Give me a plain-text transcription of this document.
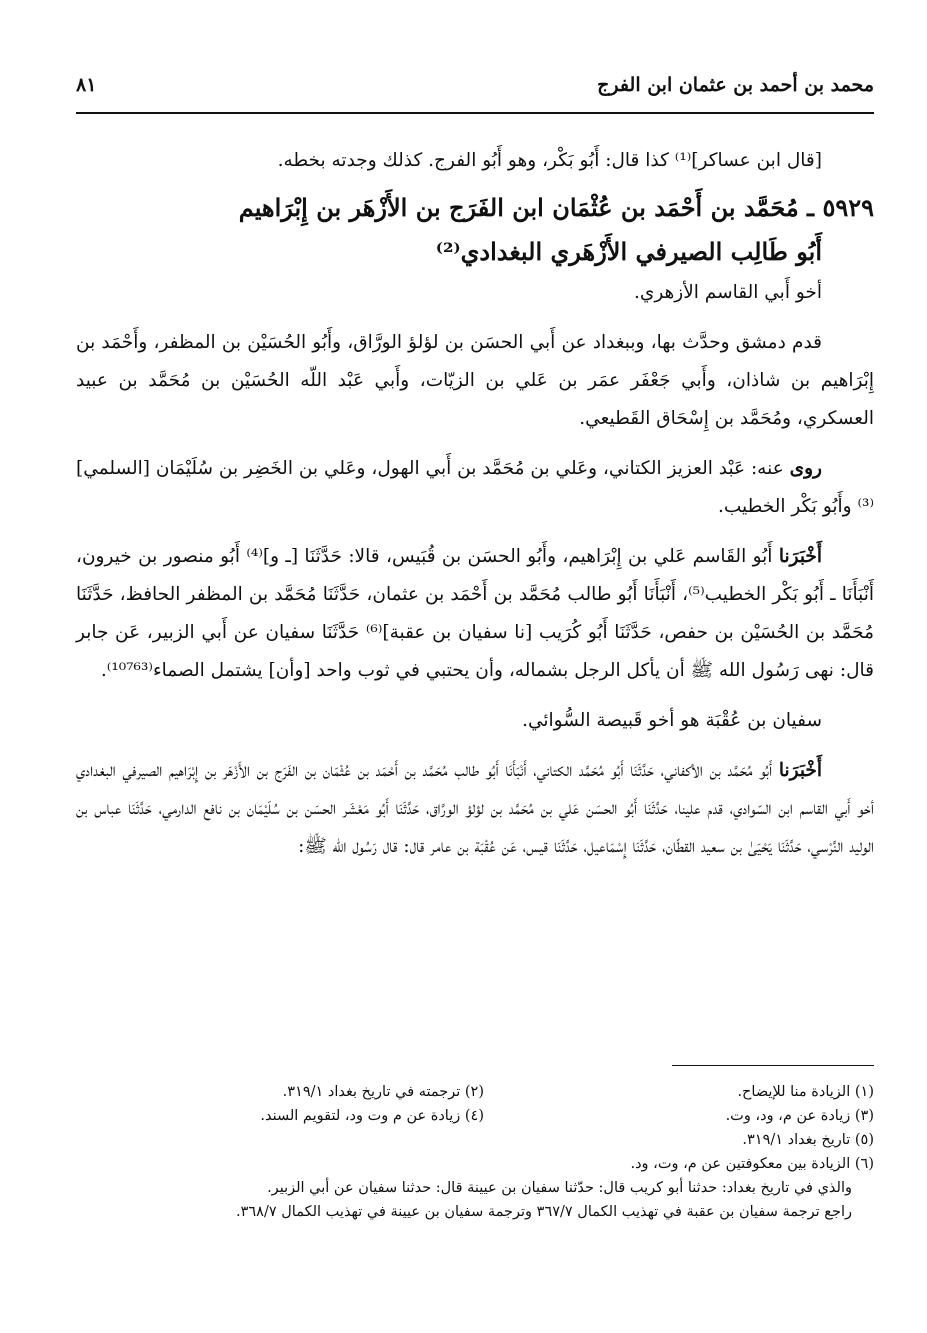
محمد بن أحمد بن عثمان ابن الفرج
٨١

[قال ابن عساكر]⁽¹⁾ كذا قال: أَبُو بَكْر، وهو أَبُو الفرج. كذلك وجدته بخطه.

٥٩٢٩ ـ مُحَمَّد بن أَحْمَد بن عُثْمَان ابن الفَرَج بن الأَزْهَر بن إِبْرَاهيم
أَبُو طَالِب الصيرفي الأَزْهَري البغدادي⁽²⁾

أخو أَبي القاسم الأزهري.

قدم دمشق وحدَّث بها، وببغداد عن أَبي الحسَن بن لؤلؤ الورَّاق، وأَبُو الحُسَيْن بن المظفر، وأَحْمَد بن إِبْرَاهيم بن شاذان، وأَبي جَعْفَر عمَر بن عَلي بن الزيّات، وأَبي عَبْد اللّه الحُسَيْن بن مُحَمَّد بن عبيد العسكري، ومُحَمَّد بن إِسْحَاق القَطيعي.

روى عنه: عَبْد العزيز الكتاني، وعَلي بن مُحَمَّد بن أَبي الهول، وعَلي بن الخَضِر بن سُلَيْمَان [السلمي]⁽³⁾ وأَبُو بَكْر الخطيب.

أَخْبَرَنا أَبُو القَاسم عَلي بن إِبْرَاهيم، وأَبُو الحسَن بن قُبَيس، قالا: حَدَّثَنَا [ـ و]⁽⁴⁾ أَبُو منصور بن خيرون، أَنْبَأَنَا ـ أَبُو بَكْر الخطيب⁽⁵⁾، أَنْبَأَنَا أَبُو طالب مُحَمَّد بن أَحْمَد بن عثمان، حَدَّثَنَا مُحَمَّد بن المظفر الحافظ، حَدَّثَنَا مُحَمَّد بن الحُسَيْن بن حفص، حَدَّثَنَا أَبُو كُرَيب [نا سفيان بن عقبة]⁽⁶⁾ حَدَّثَنَا سفيان عن أَبي الزبير، عَن جابر قال: نهى رَسُول الله ﷺ أن يأكل الرجل بشماله، وأن يحتبي في ثوب واحد [وأن] يشتمل الصماء⁽¹⁰⁷⁶³⁾.

سفيان بن عُقْبَة هو أخو قَبيصة السُّوائي.

أَخْبَرَنا أَبُو مُحَمَّد بن الأكفاني، حَدَّثَنَا أَبُو مُحَمَّد الكتاني، أَنْبَأَنَا أَبُو طالب مُحَمَّد بن أَحْمَد بن عُثْمَان بن الفَرَج بن الأَزْهَر بن إِبْرَاهيم الصيرفي البغدادي أخو أَبي القاسم ابن السّوادي، قدم علينا، حَدَّثَنَا أَبُو الحسَن عَلي بن مُحَمَّد بن لؤلؤ الورَّاق، حَدَّثَنَا أَبُو مَعْشَر الحسَن بن سُلَيْمَان بن نافع الدارمي، حَدَّثَنَا عباس بن الوليد النَّرْسي، حَدَّثَنَا يَحْيَىٰ بن سعيد القطّان، حَدَّثَنَا إِسْمَاعيل، حَدَّثَنَا قيس، عَن عُقْبَة بن عامر قال: قال رَسُول الله ﷺ:

(١) الزيادة منا للإيضاح.
(٢) ترجمته في تاريخ بغداد ٣١٩/١.
(٣) زيادة عن م، ود، وت.
(٤) زيادة عن م وت ود، لتقويم السند.
(٥) تاريخ بغداد ٣١٩/١.
(٦) الزيادة بين معكوفتين عن م، وت، ود.
والذي في تاريخ بغداد: حدثنا أبو كريب قال: حدّثنا سفيان بن عيينة قال: حدثنا سفيان عن أبي الزبير.
راجع ترجمة سفيان بن عقبة في تهذيب الكمال ٣٦٧/٧ وترجمة سفيان بن عيينة في تهذيب الكمال ٣٦٨/٧.
